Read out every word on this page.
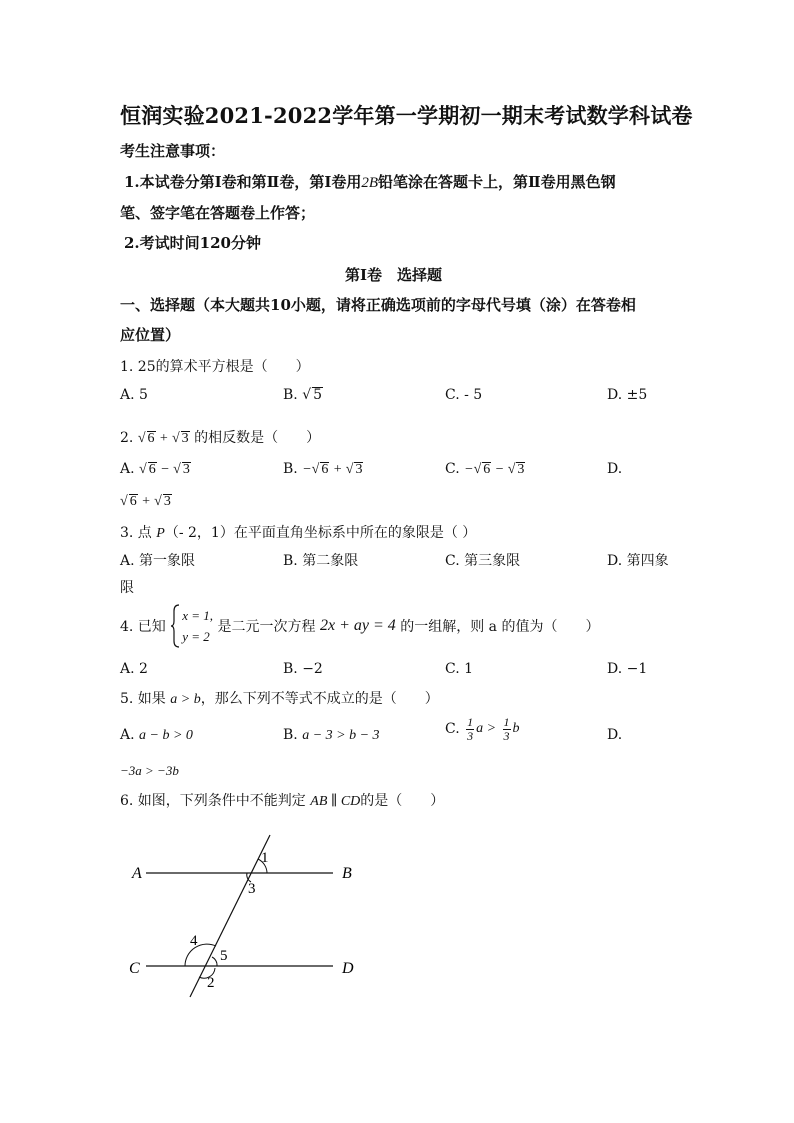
恒润实验2021-2022学年第一学期初一期末考试数学科试卷
考生注意事项：
1.本试卷分第Ⅰ卷和第Ⅱ卷，第Ⅰ卷用2B铅笔涂在答题卡上，第Ⅱ卷用黑色钢
笔、签字笔在答题卷上作答；
2.考试时间120分钟
第Ⅰ卷　选择题
一、选择题（本大题共10小题，请将正确选项前的字母代号填（涂）在答卷相
应位置）
1. 25的算术平方根是（　　）
A. 5	B. √ 5	C. - 5	D. ±5
2. √ 6 + √ 3 的相反数是（　　）
A. √ 6 − √ 3	B. −√ 6 + √ 3	C. −√ 6 − √ 3	D.
√ 6 + √ 3
3. 点 P（- 2，1）在平面直角坐标系中所在的象限是（ ）
A. 第一象限	B. 第二象限	C. 第三象限	D. 第四象
限
4. 已知
x = 1,
y = 2
是二元一次方程 2x + ay = 4 的一组解，则 a 的值为（　　）
A. 2	B. −2	C. 1	D. −1
5. 如果 a > b，那么下列不等式不成立的是（　　）
A. a − b > 0	B. a − 3 > b − 3	C. $\frac{1}{3}$ $a > \frac{1}{3}$ b	D.
−3a > −3b
6. 如图，下列条件中不能判定 AB ∥ CD的是（　　）
A	B
C	D
1
3
4
5
2
